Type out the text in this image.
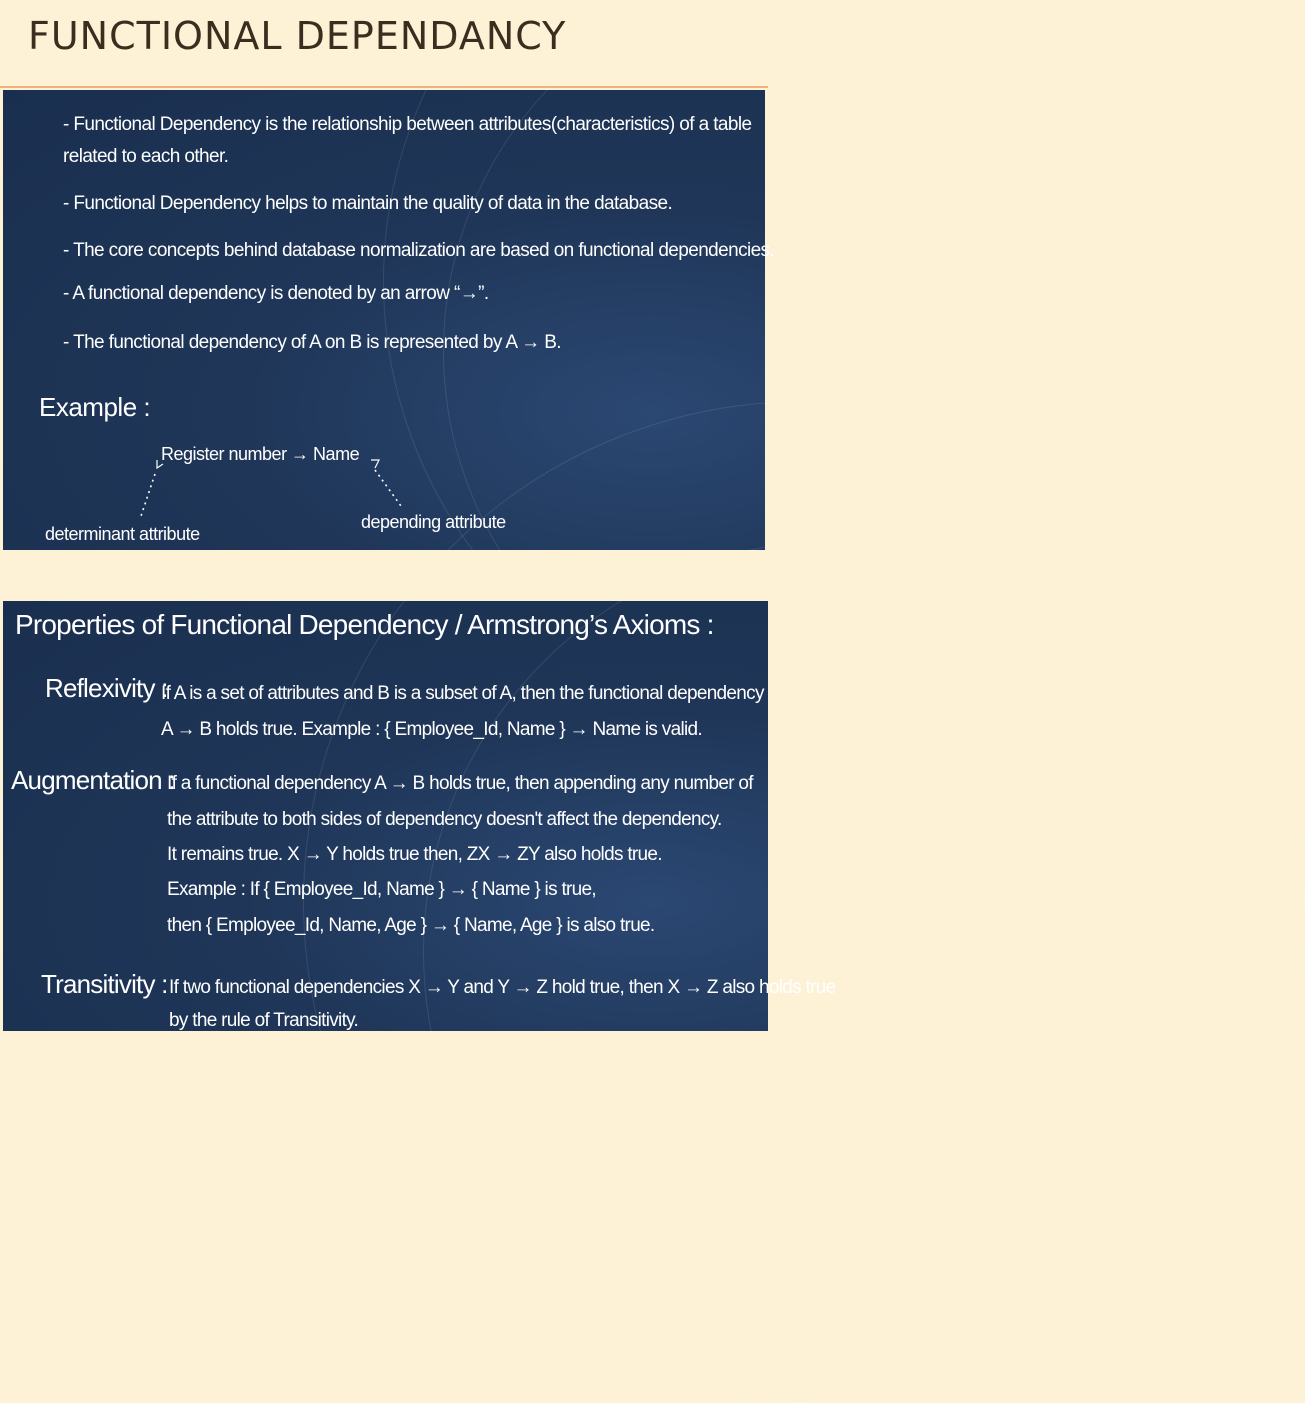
FUNCTIONAL DEPENDANCY
- Functional Dependency is the relationship between attributes(characteristics) of a table
related to each other.
- Functional Dependency helps to maintain the quality of data in the database.
- The core concepts behind database normalization are based on functional dependencies.
- A functional dependency is denoted by an arrow “→”.
- The functional dependency of A on B is represented by A → B.
Example :
Register number → Name
determinant attribute
depending attribute
Properties of Functional Dependency / Armstrong’s Axioms :
Reflexivity :
If A is a set of attributes and B is a subset of A, then the functional dependency
A → B holds true. Example : { Employee_Id, Name } → Name is valid.
Augmentation :
If a functional dependency A → B holds true, then appending any number of
the attribute to both sides of dependency doesn't affect the dependency.
It remains true. X → Y holds true then, ZX → ZY also holds true.
Example : If { Employee_Id, Name } → { Name } is true,
then { Employee_Id, Name, Age } → { Name, Age } is also true.
Transitivity : If two functional dependencies X → Y and Y → Z hold true, then X → Z also holds true
by the rule of Transitivity.
